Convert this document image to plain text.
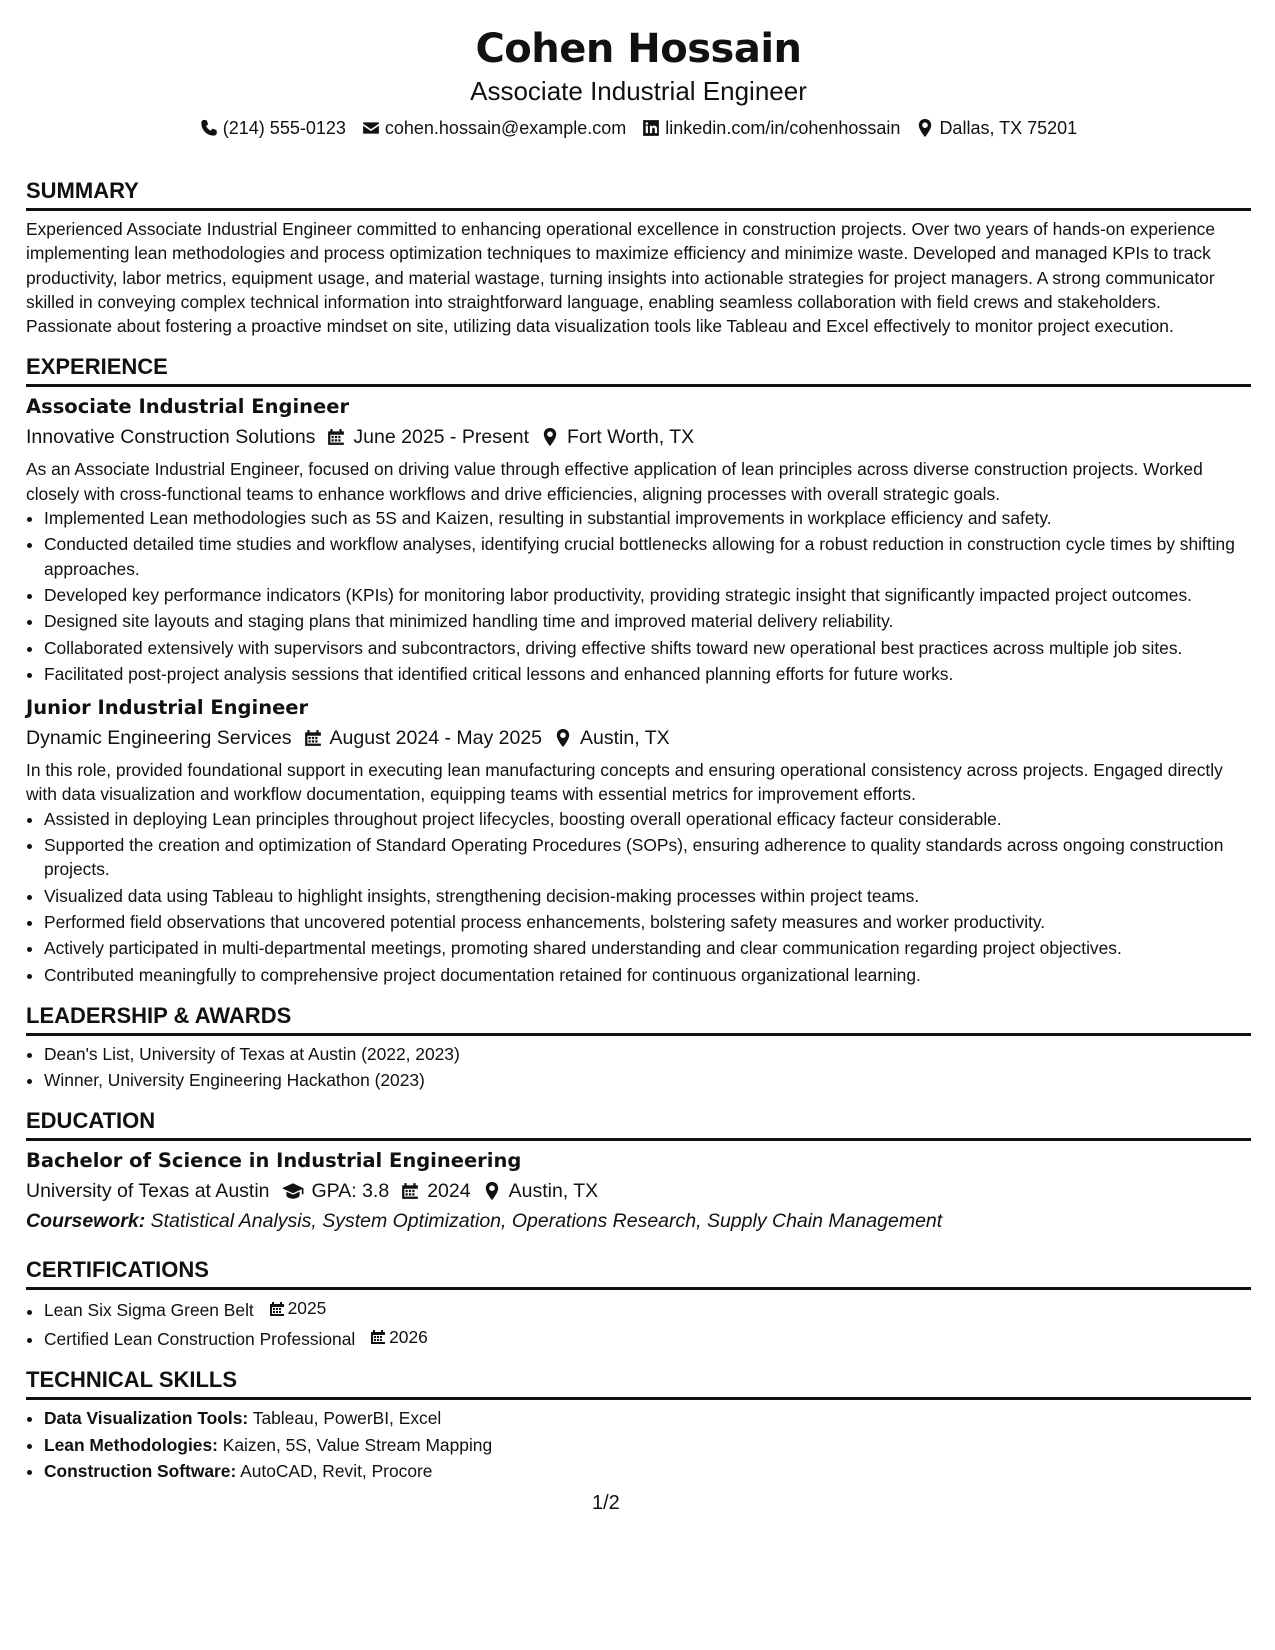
Cohen Hossain
Associate Industrial Engineer
(214) 555-0123 cohen.hossain@example.com linkedin.com/in/cohenhossain Dallas, TX 75201
SUMMARY

Experienced Associate Industrial Engineer committed to enhancing operational excellence in construction projects. Over two years of hands-on experience implementing lean methodologies and process optimization techniques to maximize efficiency and minimize waste. Developed and managed KPIs to track productivity, labor metrics, equipment usage, and material wastage, turning insights into actionable strategies for project managers. A strong communicator skilled in conveying complex technical information into straightforward language, enabling seamless collaboration with field crews and stakeholders. Passionate about fostering a proactive mindset on site, utilizing data visualization tools like Tableau and Excel effectively to monitor project execution.

EXPERIENCE
Associate Industrial Engineer
Innovative Construction Solutions June 2025 - Present Fort Worth, TX

As an Associate Industrial Engineer, focused on driving value through effective application of lean principles across diverse construction projects. Worked closely with cross-functional teams to enhance workflows and drive efficiencies, aligning processes with overall strategic goals.

• Implemented Lean methodologies such as 5S and Kaizen, resulting in substantial improvements in workplace efficiency and safety.
• Conducted detailed time studies and workflow analyses, identifying crucial bottlenecks allowing for a robust reduction in construction cycle times by shifting approaches.
• Developed key performance indicators (KPIs) for monitoring labor productivity, providing strategic insight that significantly impacted project outcomes.
• Designed site layouts and staging plans that minimized handling time and improved material delivery reliability.
• Collaborated extensively with supervisors and subcontractors, driving effective shifts toward new operational best practices across multiple job sites.
• Facilitated post-project analysis sessions that identified critical lessons and enhanced planning efforts for future works.
Junior Industrial Engineer
Dynamic Engineering Services August 2024 - May 2025 Austin, TX

In this role, provided foundational support in executing lean manufacturing concepts and ensuring operational consistency across projects. Engaged directly with data visualization and workflow documentation, equipping teams with essential metrics for improvement efforts.

• Assisted in deploying Lean principles throughout project lifecycles, boosting overall operational efficacy facteur considerable.
• Supported the creation and optimization of Standard Operating Procedures (SOPs), ensuring adherence to quality standards across ongoing construction projects.
• Visualized data using Tableau to highlight insights, strengthening decision-making processes within project teams.
• Performed field observations that uncovered potential process enhancements, bolstering safety measures and worker productivity.
• Actively participated in multi-departmental meetings, promoting shared understanding and clear communication regarding project objectives.
• Contributed meaningfully to comprehensive project documentation retained for continuous organizational learning.
LEADERSHIP & AWARDS
• Dean's List, University of Texas at Austin (2022, 2023)
• Winner, University Engineering Hackathon (2023)
EDUCATION
Bachelor of Science in Industrial Engineering
University of Texas at Austin GPA: 3.8 2024 Austin, TX
Coursework: Statistical Analysis, System Optimization, Operations Research, Supply Chain Management
CERTIFICATIONS
• Lean Six Sigma Green Belt 2025
• Certified Lean Construction Professional 2026
TECHNICAL SKILLS
• Data Visualization Tools: Tableau, PowerBI, Excel
• Lean Methodologies: Kaizen, 5S, Value Stream Mapping
• Construction Software: AutoCAD, Revit, Procore
1/2
